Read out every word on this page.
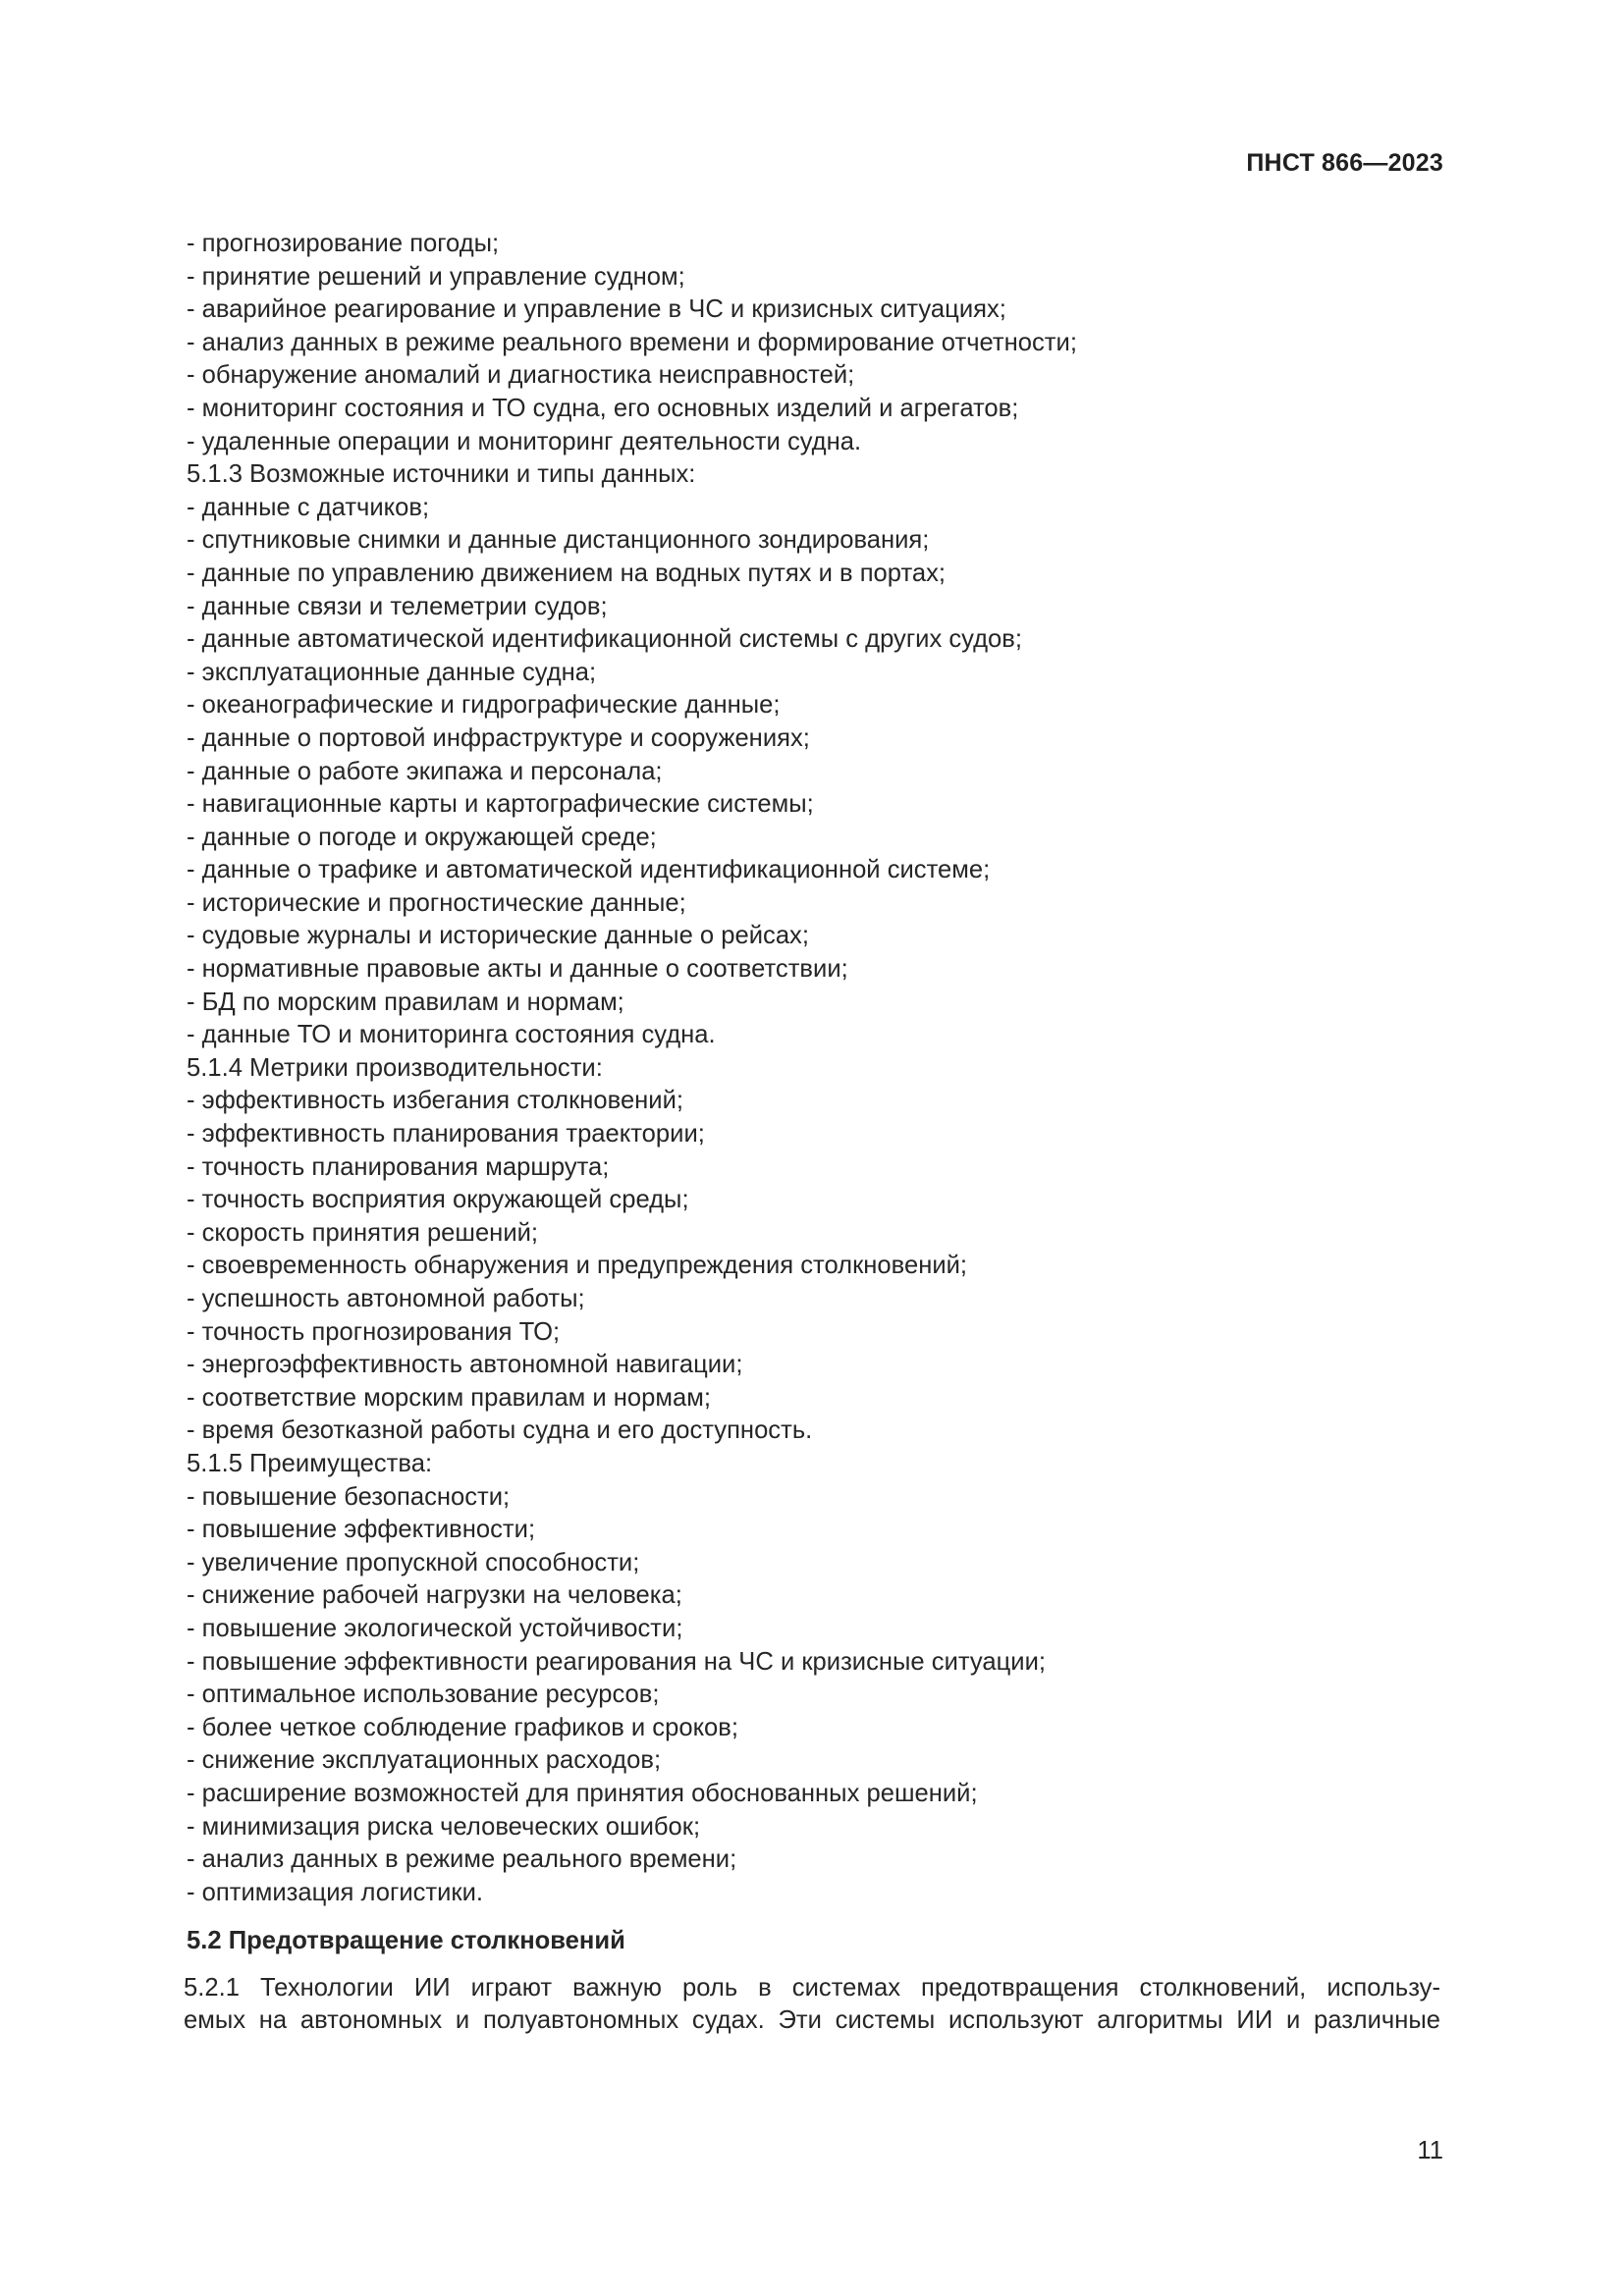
ПНСТ 866—2023
- прогнозирование погоды;
- принятие решений и управление судном;
- аварийное реагирование и управление в ЧС и кризисных ситуациях;
- анализ данных в режиме реального времени и формирование отчетности;
- обнаружение аномалий и диагностика неисправностей;
- мониторинг состояния и ТО судна, его основных изделий и агрегатов;
- удаленные операции и мониторинг деятельности судна.
5.1.3 Возможные источники и типы данных:
- данные с датчиков;
- спутниковые снимки и данные дистанционного зондирования;
- данные по управлению движением на водных путях и в портах;
- данные связи и телеметрии судов;
- данные автоматической идентификационной системы с других судов;
- эксплуатационные данные судна;
- океанографические и гидрографические данные;
- данные о портовой инфраструктуре и сооружениях;
- данные о работе экипажа и персонала;
- навигационные карты и картографические системы;
- данные о погоде и окружающей среде;
- данные о трафике и автоматической идентификационной системе;
- исторические и прогностические данные;
- судовые журналы и исторические данные о рейсах;
- нормативные правовые акты и данные о соответствии;
- БД по морским правилам и нормам;
- данные ТО и мониторинга состояния судна.
5.1.4 Метрики производительности:
- эффективность избегания столкновений;
- эффективность планирования траектории;
- точность планирования маршрута;
- точность восприятия окружающей среды;
- скорость принятия решений;
- своевременность обнаружения и предупреждения столкновений;
- успешность автономной работы;
- точность прогнозирования ТО;
- энергоэффективность автономной навигации;
- соответствие морским правилам и нормам;
- время безотказной работы судна и его доступность.
5.1.5 Преимущества:
- повышение безопасности;
- повышение эффективности;
- увеличение пропускной способности;
- снижение рабочей нагрузки на человека;
- повышение экологической устойчивости;
- повышение эффективности реагирования на ЧС и кризисные ситуации;
- оптимальное использование ресурсов;
- более четкое соблюдение графиков и сроков;
- снижение эксплуатационных расходов;
- расширение возможностей для принятия обоснованных решений;
- минимизация риска человеческих ошибок;
- анализ данных в режиме реального времени;
- оптимизация логистики.
5.2 Предотвращение столкновений
5.2.1 Технологии ИИ играют важную роль в системах предотвращения столкновений, использу-
емых на автономных и полуавтономных судах. Эти системы используют алгоритмы ИИ и различные
11
